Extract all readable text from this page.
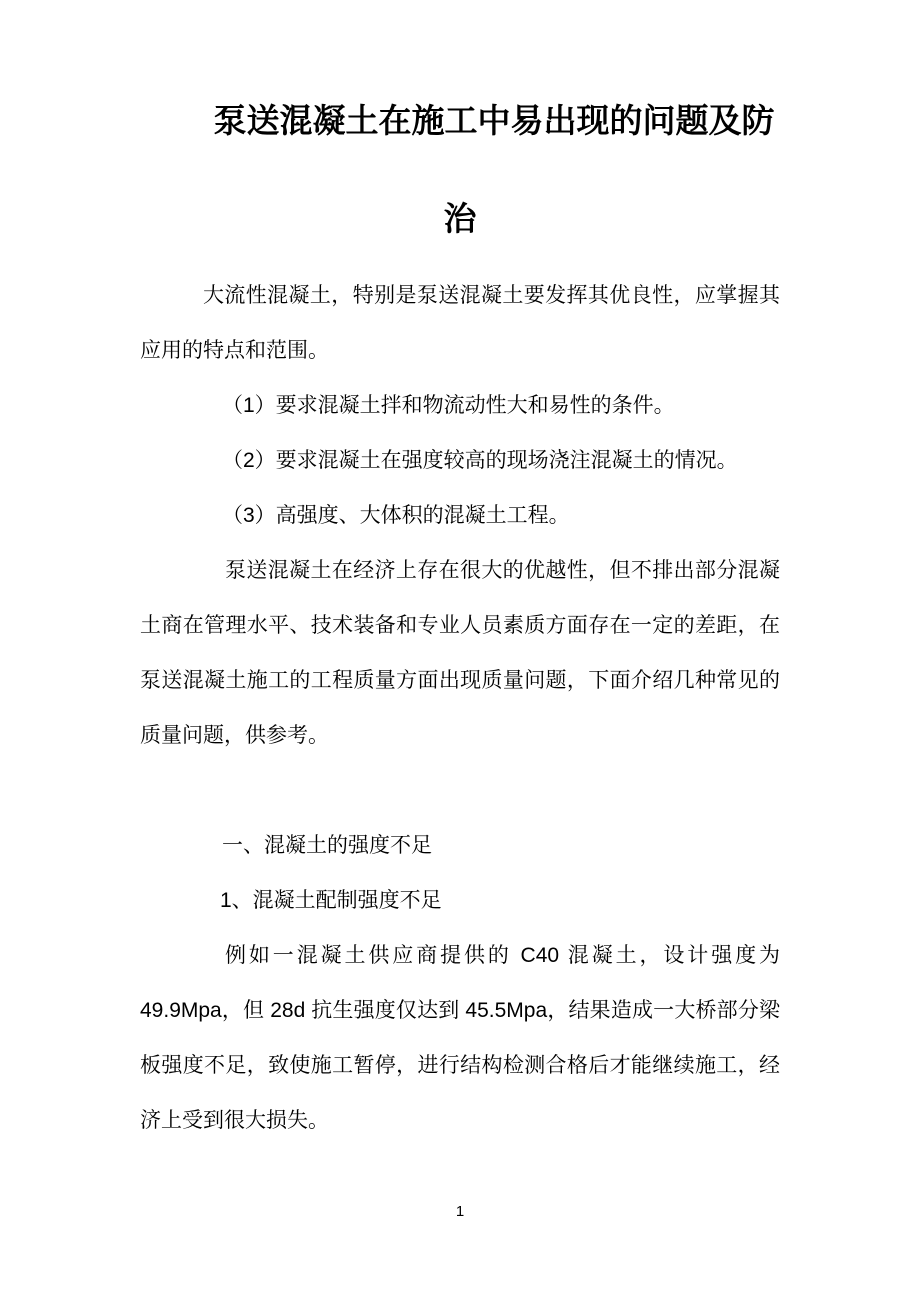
泵送混凝土在施工中易出现的问题及防治
大流性混凝土，特别是泵送混凝土要发挥其优良性，应掌握其
应用的特点和范围。
（1）要求混凝土拌和物流动性大和易性的条件。
（2）要求混凝土在强度较高的现场浇注混凝土的情况。
（3）高强度、大体积的混凝土工程。
泵送混凝土在经济上存在很大的优越性，但不排出部分混凝
土商在管理水平、技术装备和专业人员素质方面存在一定的差距，在
泵送混凝土施工的工程质量方面出现质量问题，下面介绍几种常见的
质量问题，供参考。
一、混凝土的强度不足
1、混凝土配制强度不足
例如一混凝土供应商提供的 C40 混凝土，设计强度为
49.9Mpa，但 28d 抗生强度仅达到 45.5Mpa，结果造成一大桥部分梁
板强度不足，致使施工暂停，进行结构检测合格后才能继续施工，经
济上受到很大损失。
1
